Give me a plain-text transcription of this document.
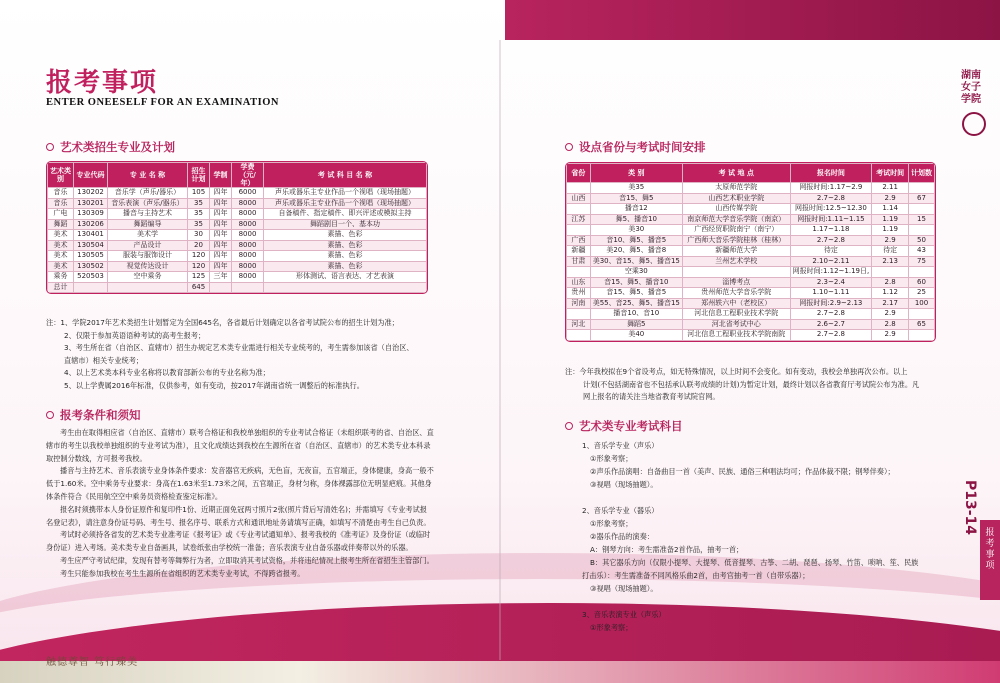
报考事项
湖南女子学院
P13-14
触德尊智 笃行臻美
报考事项
ENTER ONEESELF FOR AN EXAMINATION
艺术类招生专业及计划
艺术类别	专业代码	专 业 名 称	招生计划	学制	学费（元/年）	考 试 科 目 名 称
音乐	130202	音乐学（声乐/器乐）	105	四年	6000	声乐或器乐主专业作品一个视唱（现场抽题）
音乐	130201	音乐表演（声乐/器乐）	35	四年	8000	声乐或器乐主专业作品一个视唱（现场抽题）
广电	130309	播音与主持艺术	35	四年	8000	自备稿件、指定稿件、即兴评述或模拟主持
舞蹈	130206	舞蹈编导	35	四年	8000	舞蹈剧目一个、基本功
美术	130401	美术学	30	四年	8000	素描、色彩
美术	130504	产品设计	20	四年	8000	素描、色彩
美术	130505	服装与服饰设计	120	四年	8000	素描、色彩
美术	130502	视觉传达设计	120	四年	8000	素描、色彩
乘务	520503	空中乘务	125	三年	8000	形体测试、语言表达、才艺表演
总计			645			

注：1、学院2017年艺术类招生计划暂定为全国645名，各省最后计划确定以各省考试院公布的招生计划为准；

2、仅限于参加英语语种考试的高考生报考；

3、考生所在省（自治区、直辖市）招生办规定艺术类专业需进行相关专业统考的，考生需参加该省（自治区、

直辖市）相关专业统考；

4、以上艺术类本科专业名称将以教育部新公布的专业名称为准；

5、以上学费属2016年标准，仅供参考，如有变动，按2017年湖南省统一调整后的标准执行。

报考条件和须知

考生由在取得相应省（自治区、直辖市）联考合格证和我校单独组织的专业考试合格证（未组织联考的省、自治区、直辖市的考生以我校单独组织的专业考试为准），且文化成绩达到我校在生源所在省（自治区、直辖市）的艺术类专业本科录取控制分数线，方可报考我校。

播音与主持艺术、音乐表演专业身体条件要求：发音器官无疾病，无色盲，无夜盲，五官端正，身体健康，身高一般不低于1.60米。空中乘务专业要求：身高在1.63米至1.73米之间，五官端正，身材匀称，身体裸露部位无明显疤痕。其他身体条件符合《民用航空空中乘务员资格检查鉴定标准》。

报名时须携带本人身份证原件和复印件1份、近期正面免冠两寸照片2张(照片背后写清姓名)；并需填写《专业考试报名登记表》，请注意身份证号码、考生号、报名序号、联系方式和通讯地址务请填写正确，如填写不清楚由考生自己负责。

考试时必须持各省发的艺术类专业准考证《报考证》或《专业考试通知单》、报考我校的《准考证》及身份证（或临时身份证）进入考场。美术类专业自备画具，试卷纸张由学校统一准备；音乐表演专业自备乐器或伴奏带以外的乐器。

考生应严守考试纪律，发现有替考等舞弊行为者，立即取消其考试资格，并将违纪情况上报考生所在省招生主管部门。

考生只能参加我校在考生生源所在省组织的艺术类专业考试，不得跨省报考。

设点省份与考试时间安排
省份	类 别	考 试 地 点	报名时间	考试时间	计划数
	美35	太原师范学院	网报时间:1.17~2.9	2.11	
山西	音15、舞5	山西艺术职业学院	2.7~2.8	2.9	67
	播音12	山西传媒学院	网报时间:12.5~12.30	1.14	
江苏	舞5、播音10	南京师范大学音乐学院（南京）	网报时间:1.11~1.15	1.19	15
	美30	广西经贸职院南宁（南宁）	1.17~1.18	1.19	
广西	音10、舞5、播音5	广西师大音乐学院桂林（桂林）	2.7~2.8	2.9	50
新疆	美20、舞5、播音8	新疆师范大学	待定	待定	43
甘肃	美30、音15、舞5、播音15	兰州艺术学校	2.10~2.11	2.13	75
	空乘30		网报时间:1.12~1.19日,		
山东	音15、舞5、播音10	淄博考点	2.3~2.4	2.8	60
贵州	音15、舞5、播音5	贵州师范大学音乐学院	1.10~1.11	1.12	25
河南	美55、音25、舞5、播音15	郑州轶六中（老校区）	网报时间:2.9~2.13	2.17	100
	播音10、音10	河北信息工程职业技术学院	2.7~2.8	2.9	
河北	舞蹈5	河北省考试中心	2.6~2.7	2.8	65
	美40	河北信息工程职业技术学院南院	2.7~2.8	2.9	

注：今年我校拟在9个省设考点，如无特殊情况，以上时间不会变化。如有变动，我校会单独再次公布。以上

计划(不包括湖南省也不包括承认联考成绩的计划)为暂定计划，最终计划以各省教育厅考试院公布为准。凡

网上报名的请关注当地省教育考试院官网。

艺术类专业考试科目

1、音乐学专业（声乐）

①形象考察；

②声乐作品演唱：自备曲目一首（美声、民族、通俗三种唱法均可；作品体裁不限；钢琴伴奏）；

③视唱（现场抽题）。

2、音乐学专业（器乐）

①形象考察；

②器乐作品的演奏：

A：钢琴方向：考生需准备2首作品，抽考一首；

B：其它器乐方向（仅限小提琴、大提琴、低音提琴、古筝、二胡、琵琶、扬琴、竹笛、唢呐、笙、民族

打击乐）：考生需准备不同风格乐曲2首，由考官抽考一首（自带乐器）；

③视唱（现场抽题）。

3、音乐表演专业（声乐）

①形象考察；
